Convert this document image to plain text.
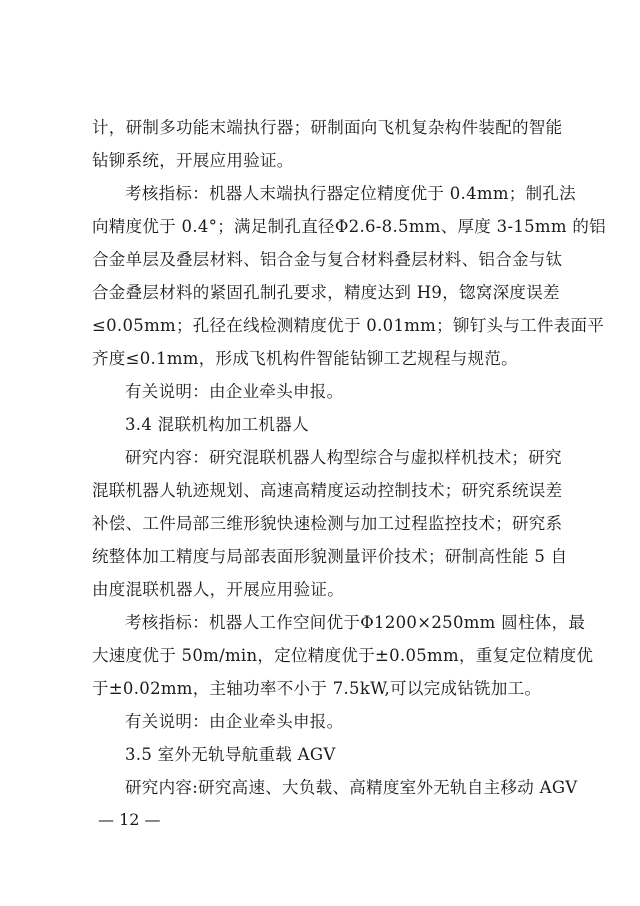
计，研制多功能末端执行器；研制面向飞机复杂构件装配的智能
钻铆系统，开展应用验证。
考核指标：机器人末端执行器定位精度优于 0.4mm；制孔法
向精度优于 0.4°；满足制孔直径Φ2.6-8.5mm、厚度 3-15mm 的铝
合金单层及叠层材料、铝合金与复合材料叠层材料、铝合金与钛
合金叠层材料的紧固孔制孔要求，精度达到 H9，锪窝深度误差
≤0.05mm；孔径在线检测精度优于 0.01mm；铆钉头与工件表面平
齐度≤0.1mm，形成飞机构件智能钻铆工艺规程与规范。
有关说明：由企业牵头申报。
3.4 混联机构加工机器人
研究内容：研究混联机器人构型综合与虚拟样机技术；研究
混联机器人轨迹规划、高速高精度运动控制技术；研究系统误差
补偿、工件局部三维形貌快速检测与加工过程监控技术；研究系
统整体加工精度与局部表面形貌测量评价技术；研制高性能 5 自
由度混联机器人，开展应用验证。
考核指标：机器人工作空间优于Φ1200×250mm 圆柱体，最
大速度优于 50m/min，定位精度优于±0.05mm，重复定位精度优
于±0.02mm，主轴功率不小于 7.5kW,可以完成钻铣加工。
有关说明：由企业牵头申报。
3.5 室外无轨导航重载 AGV
研究内容:研究高速、大负载、高精度室外无轨自主移动 AGV
— 12 —
